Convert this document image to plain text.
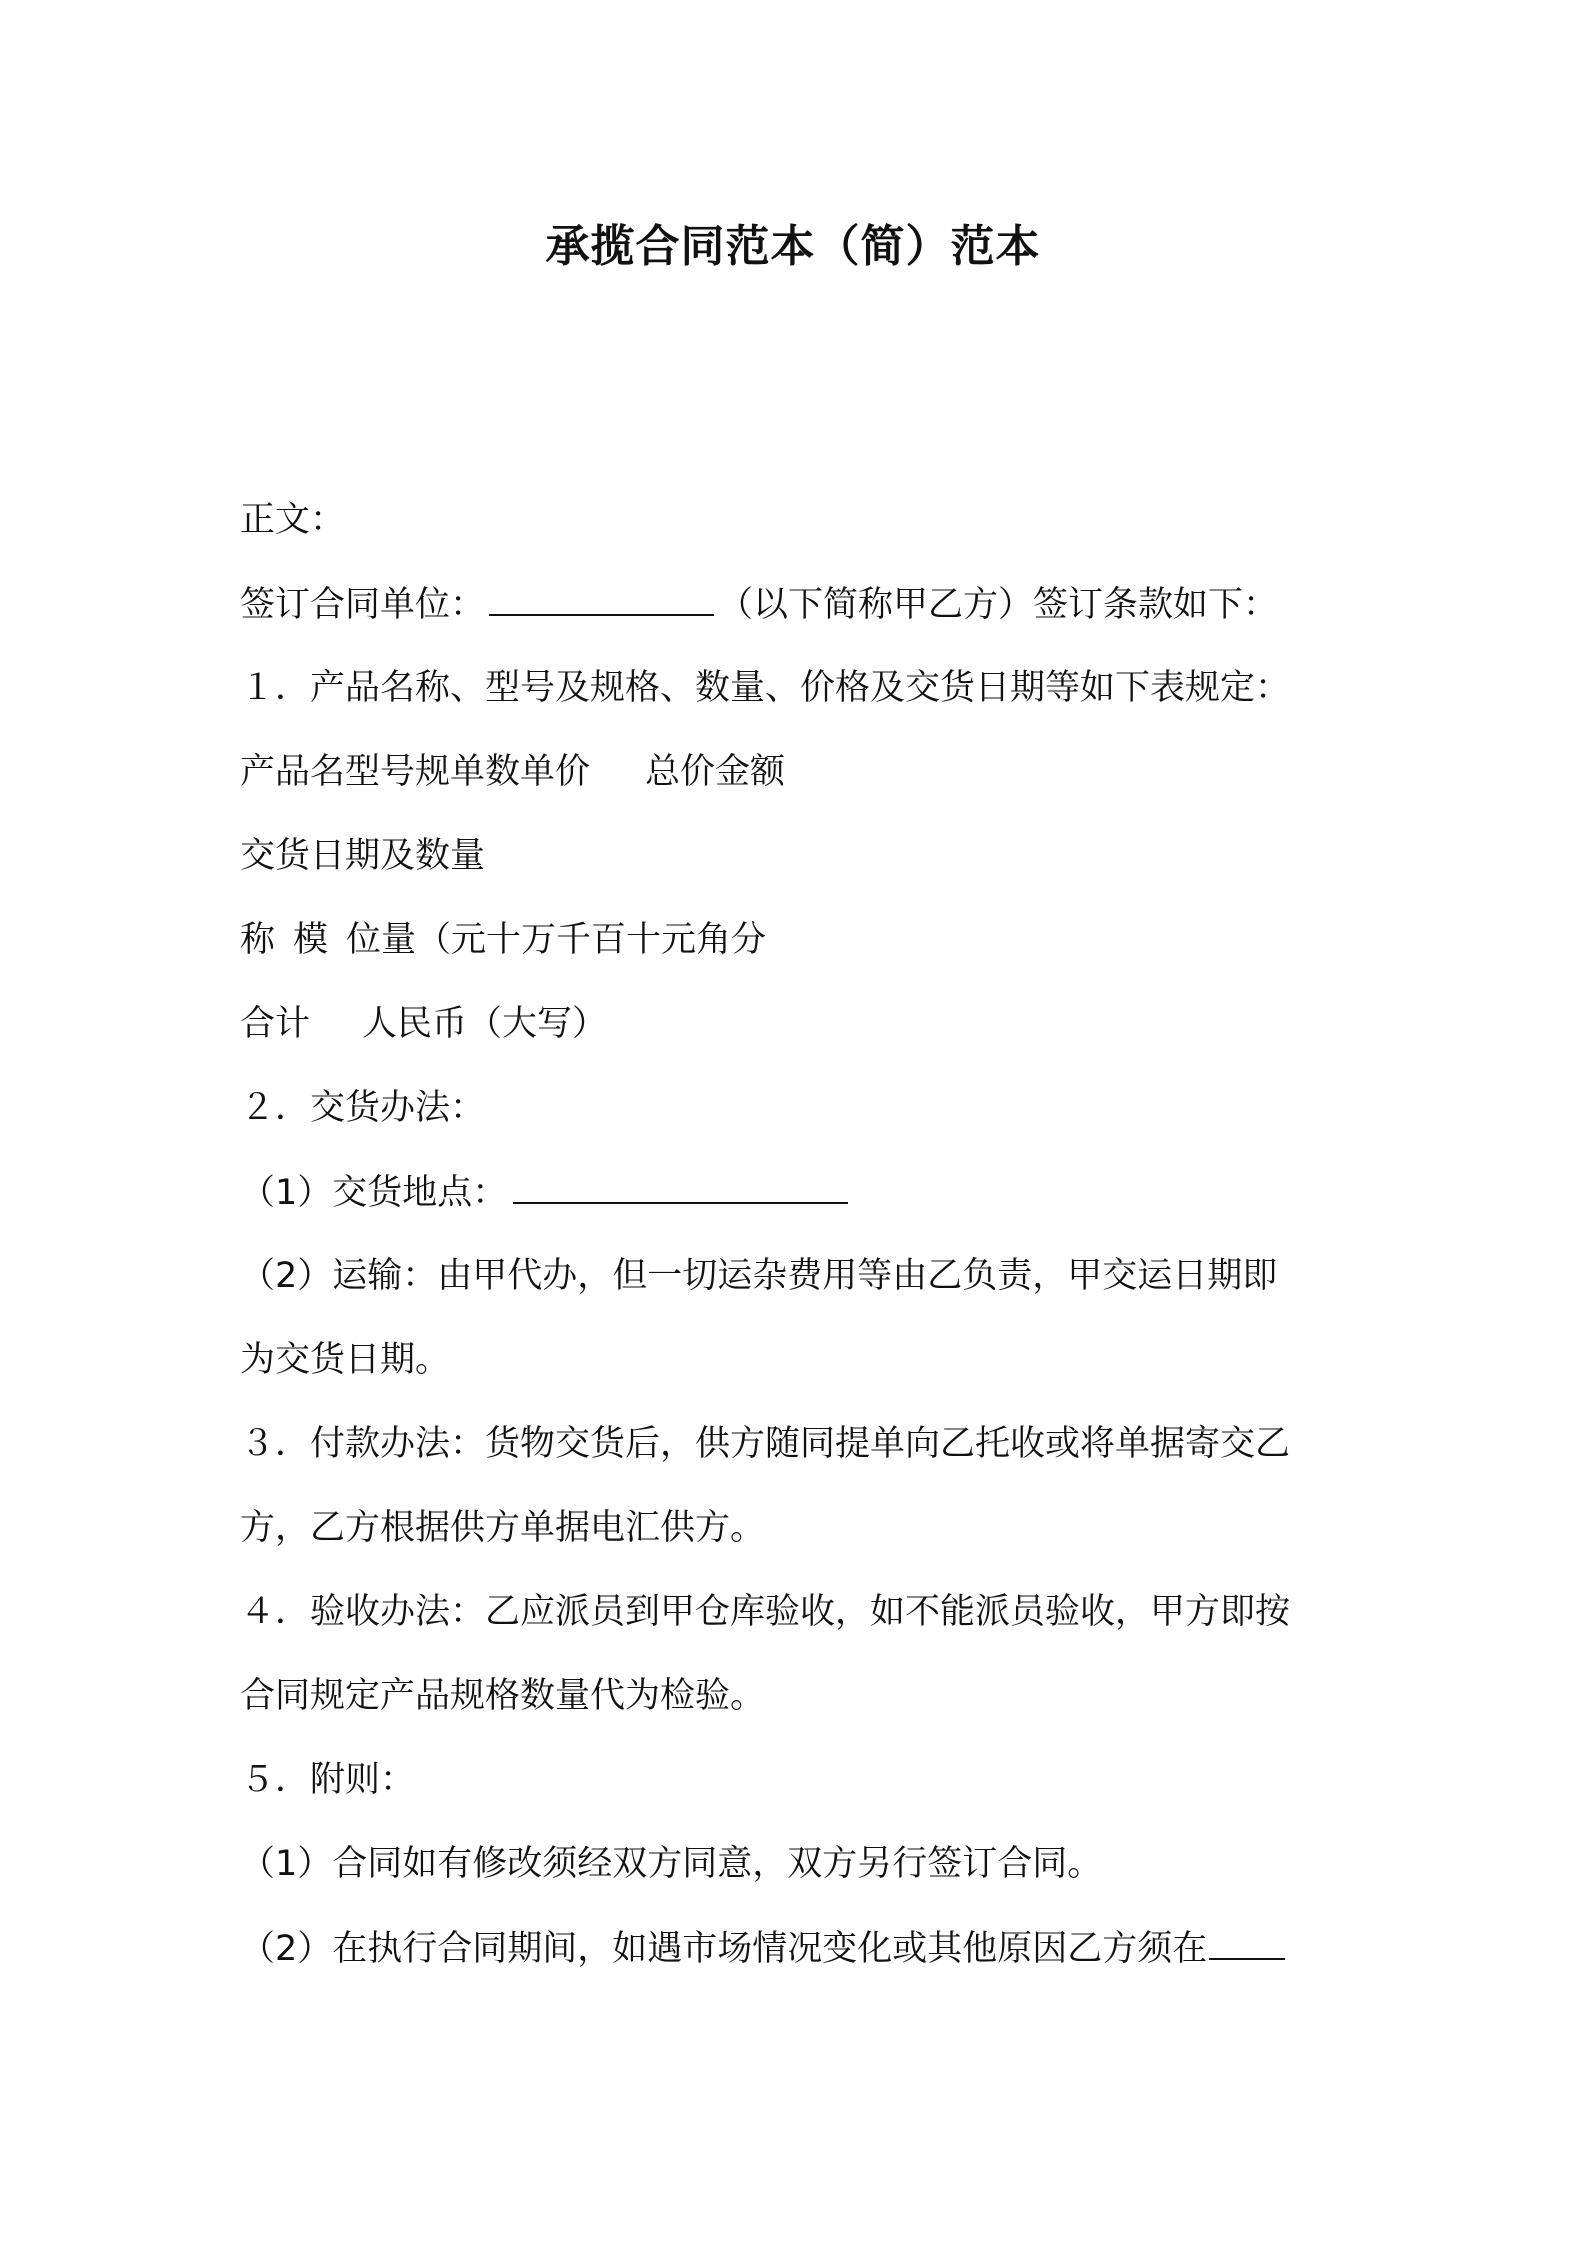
承揽合同范本（简）范本
正文：
签订合同单位：	（以下简称甲乙方）签订条款如下：
１．产品名称、型号及规格、数量、价格及交货日期等如下表规定：
产品名型号规单数单价 总价金额
交货日期及数量
称 模 位量（元十万千百十元角分
合计 人民币（大写）
２．交货办法：
（1）交货地点：
（2）运输：由甲代办，但一切运杂费用等由乙负责，甲交运日期即
为交货日期。
３．付款办法：货物交货后，供方随同提单向乙托收或将单据寄交乙
方，乙方根据供方单据电汇供方。
４．验收办法：乙应派员到甲仓库验收，如不能派员验收，甲方即按
合同规定产品规格数量代为检验。
５．附则：
（1）合同如有修改须经双方同意，双方另行签订合同。
（2）在执行合同期间，如遇市场情况变化或其他原因乙方须在
